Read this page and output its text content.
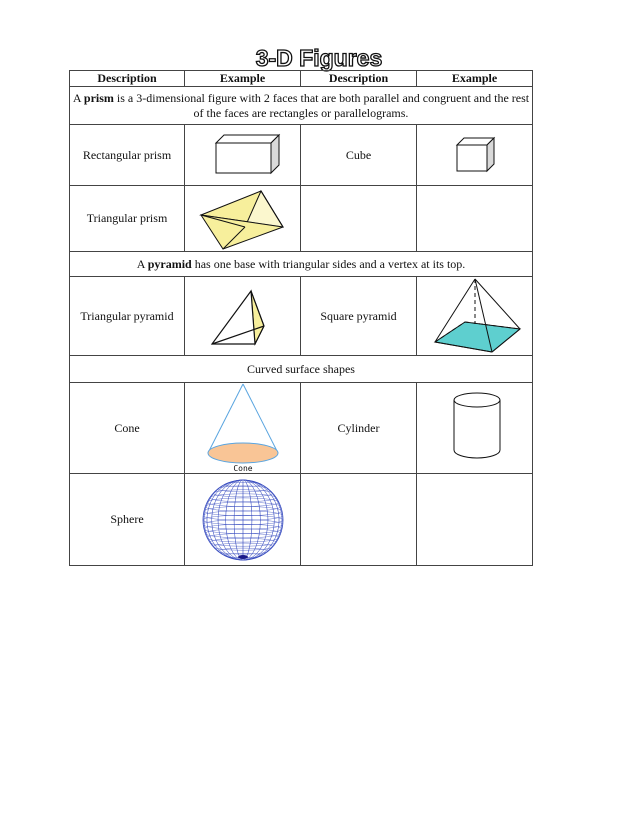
3-D Figures
Description	Example	Description	Example
A prism is a 3-dimensional figure with 2 faces that are both parallel and congruent and the rest of the faces are rectangles or parallelograms.			
Rectangular prism		Cube	

Triangular prism	

A pyramid has one base with triangular sides and a vertex at its top.			
Triangular pyramid		Square pyramid	

Curved surface shapes			
Cone	Cone	Cylinder	

Sphere	
